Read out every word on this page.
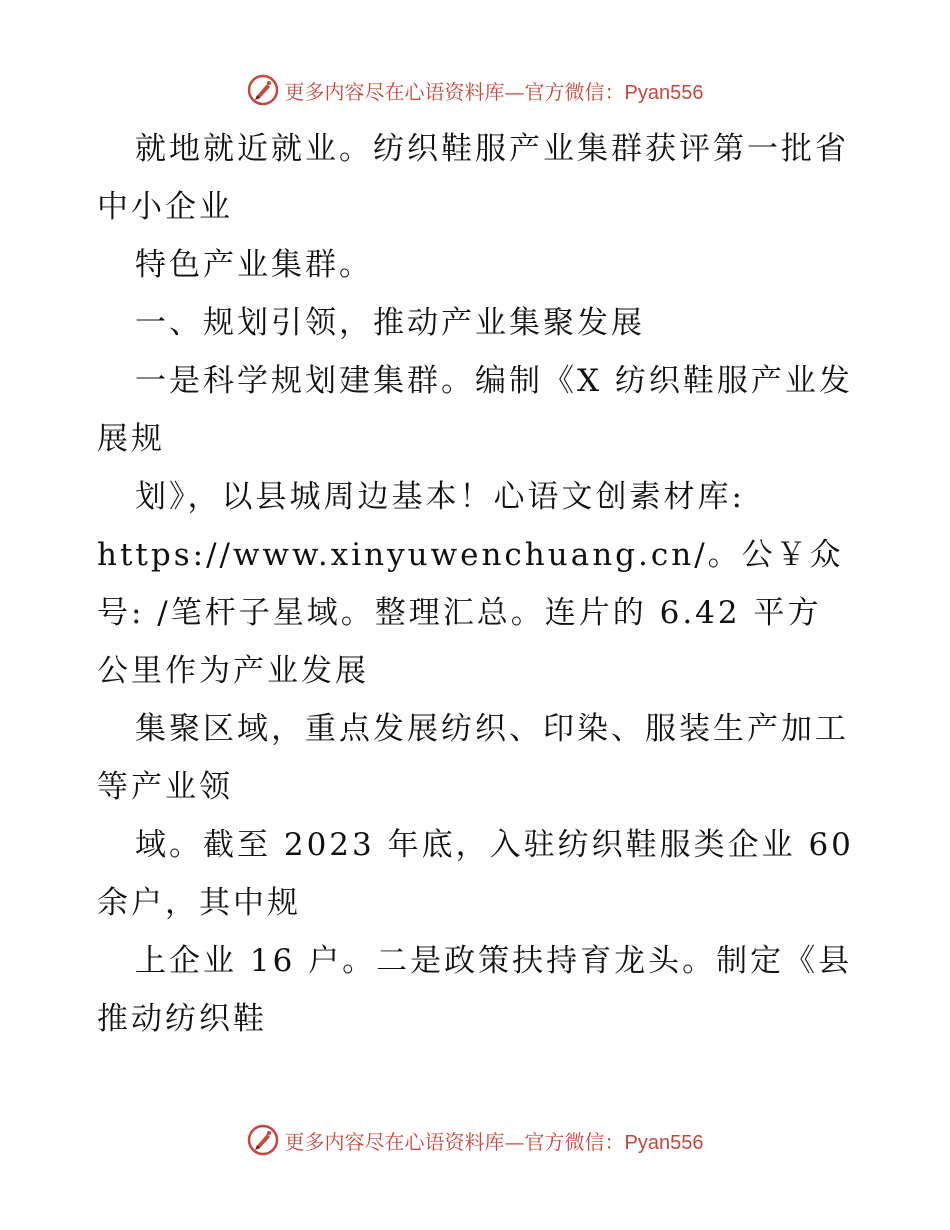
更多内容尽在心语资料库—官方微信：Pyan556
就地就近就业。纺织鞋服产业集群获评第一批省
中小企业
特色产业集群。
一、规划引领，推动产业集聚发展
一是科学规划建集群。编制《X 纺织鞋服产业发
展规
划》，以县城周边基本！心语文创素材库:
https://www.xinyuwenchuang.cn/。公￥众
号: /笔杆子星域。整理汇总。连片的 6.42 平方
公里作为产业发展
集聚区域，重点发展纺织、印染、服装生产加工
等产业领
域。截至 2023 年底，入驻纺织鞋服类企业 60
余户，其中规
上企业 16 户。二是政策扶持育龙头。制定《县
推动纺织鞋
更多内容尽在心语资料库—官方微信：Pyan556
